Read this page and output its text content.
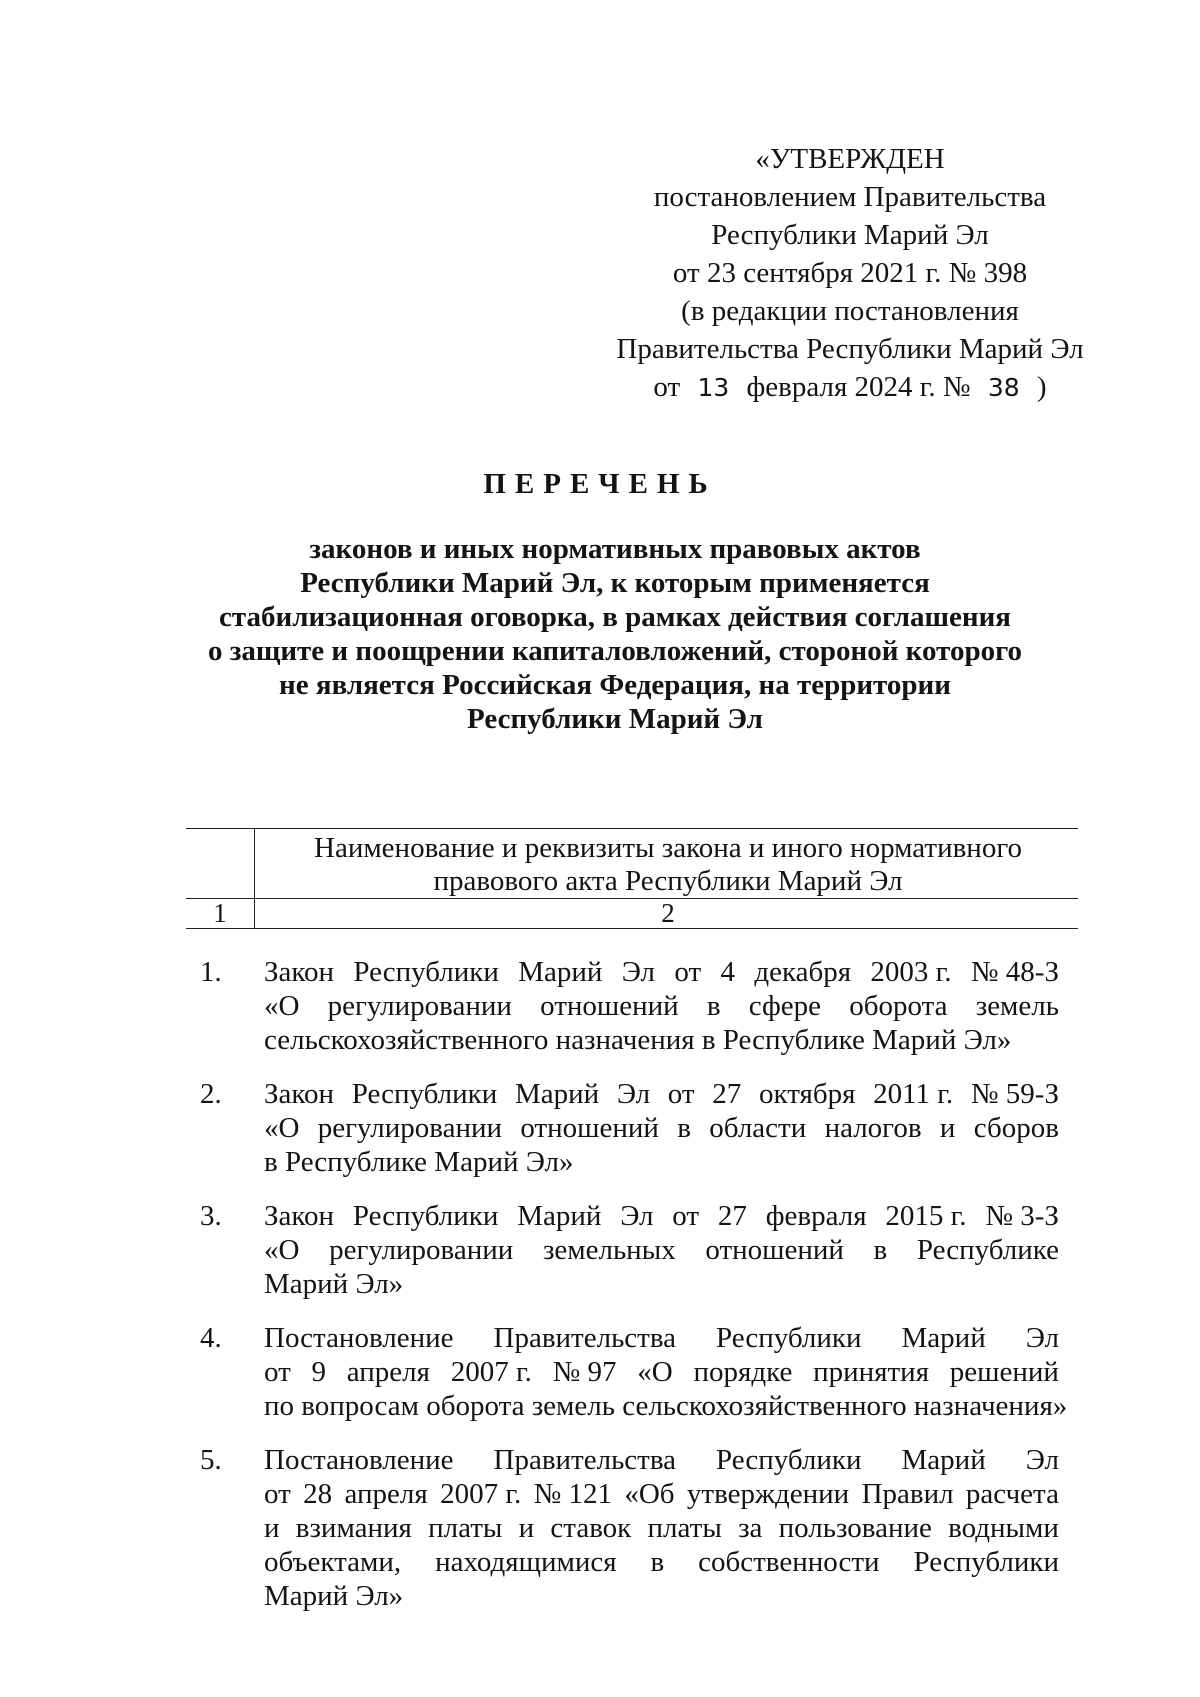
«УТВЕРЖДЕН
постановлением Правительства
Республики Марий Эл
от 23 сентября 2021 г. № 398
(в редакции постановления
Правительства Республики Марий Эл
от 13 февраля 2024 г. № 38 )
ПЕРЕЧЕНЬ
законов и иных нормативных правовых актов
Республики Марий Эл, к которым применяется
стабилизационная оговорка, в рамках действия соглашения
о защите и поощрении капиталовложений, стороной которого
не является Российская Федерация, на территории
Республики Марий Эл
Наименование и реквизиты закона и иного нормативного
правового акта Республики Марий Эл
1	2
1.	Закон Республики Марий Эл от 4 декабря 2003 г. № 48-З
«О регулировании отношений в сфере оборота земель
сельскохозяйственного назначения в Республике Марий Эл»
2.	Закон Республики Марий Эл от 27 октября 2011 г. № 59-З
«О регулировании отношений в области налогов и сборов
в Республике Марий Эл»
3.	Закон Республики Марий Эл от 27 февраля 2015 г. № 3-З
«О регулировании земельных отношений в Республике
Марий Эл»
4.	Постановление Правительства Республики Марий Эл
от 9 апреля 2007 г. № 97 «О порядке принятия решений
по вопросам оборота земель сельскохозяйственного назначения»
5.	Постановление Правительства Республики Марий Эл
от 28 апреля 2007 г. № 121 «Об утверждении Правил расчета
и взимания платы и ставок платы за пользование водными
объектами, находящимися в собственности Республики
Марий Эл»
